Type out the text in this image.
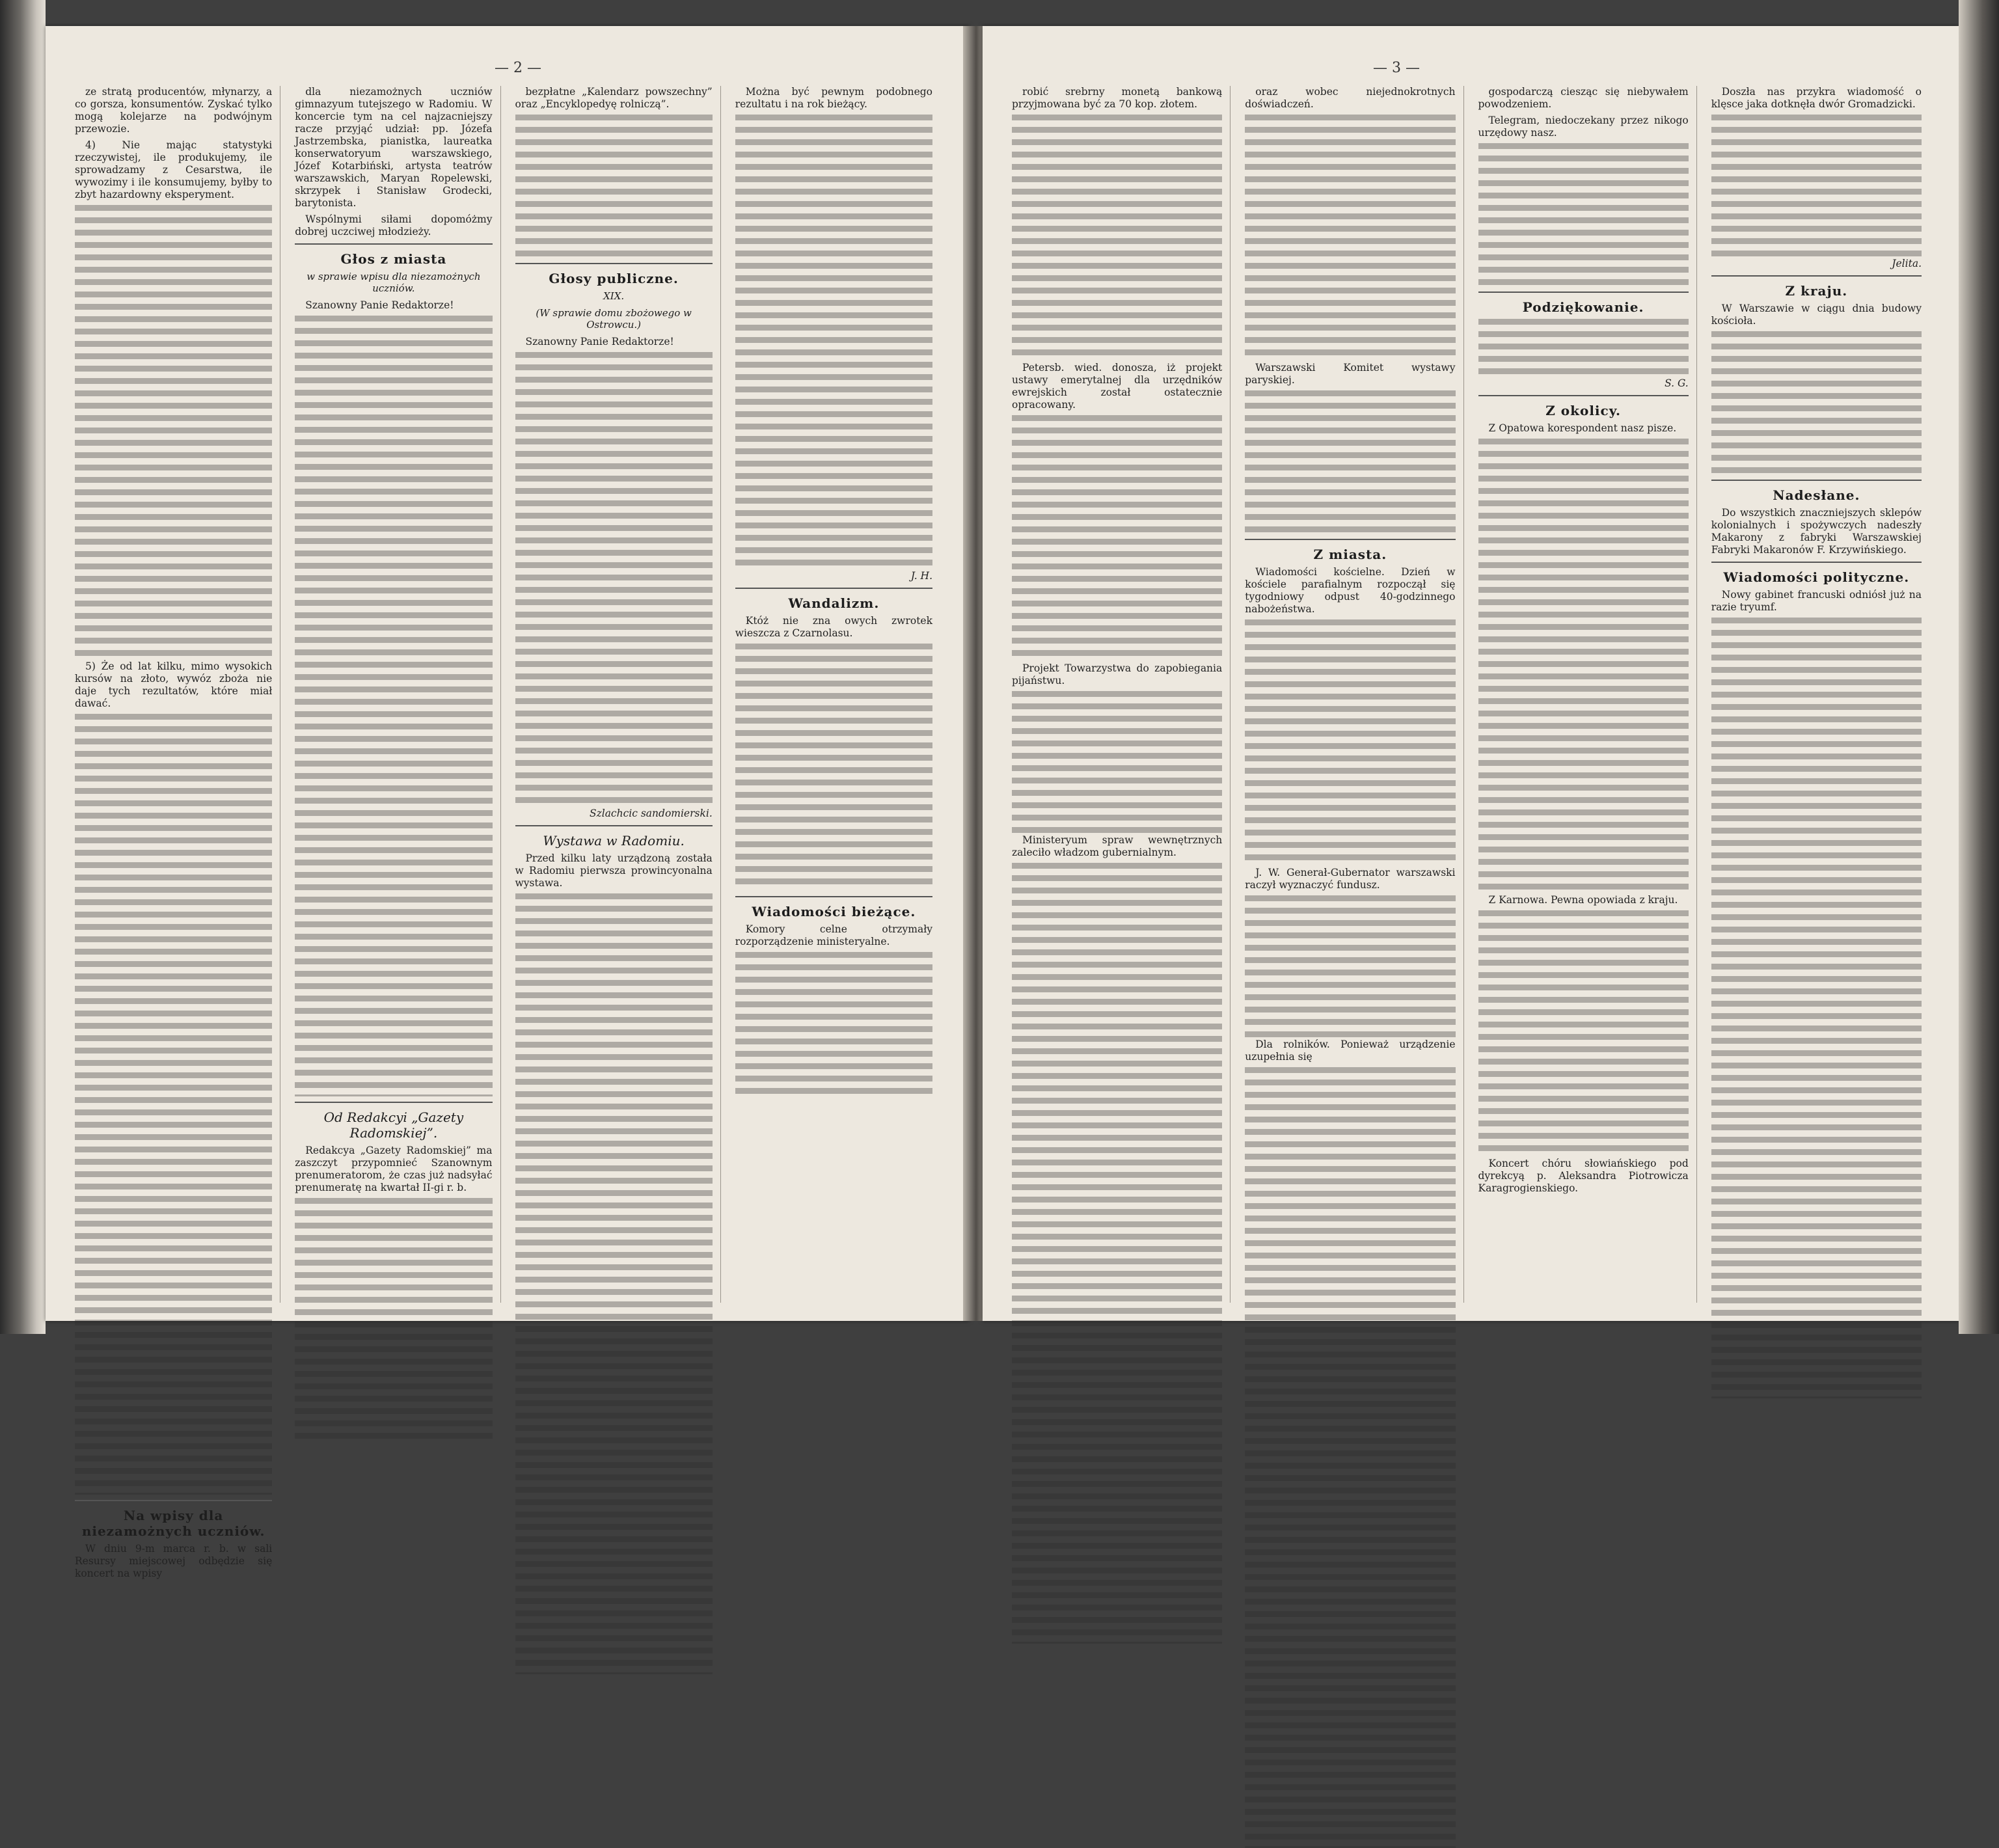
— 2 —

ze stratą producentów, młynarzy, a co gorsza, konsumentów. Zyskać tylko mogą kolejarze na podwójnym przewozie.

4) Nie mając statystyki rzeczywistej, ile produkujemy, ile sprowadzamy z Cesarstwa, ile wywozimy i ile konsumujemy, byłby to zbyt hazardowny eksperyment.

5) Że od lat kilku, mimo wysokich kursów na złoto, wywóz zboża nie daje tych rezultatów, które miał dawać.

Na wpisy dla niezamożnych uczniów.

W dniu 9-m marca r. b. w sali Resursy miejscowej odbędzie się koncert na wpisy

dla niezamożnych uczniów gimnazyum tutejszego w Radomiu. W koncercie tym na cel najzacniejszy racze przyjąć udział: pp. Józefa Jastrzembska, pianistka, laureatka konserwatoryum warszawskiego, Józef Kotarbiński, artysta teatrów warszawskich, Maryan Ropelewski, skrzypek i Stanisław Grodecki, barytonista.

Wspólnymi siłami dopomóżmy dobrej uczciwej młodzieży.

Głos z miasta
w sprawie wpisu dla niezamożnych uczniów.

Szanowny Panie Redaktorze!

Od Redakcyi „Gazety Radomskiej”.

Redakcya „Gazety Radomskiej” ma zaszczyt przypomnieć Szanownym prenumeratorom, że czas już nadsyłać prenumeratę na kwartał II-gi r. b.

bezpłatne „Kalendarz powszechny” oraz „Encyklopedyę rolniczą”.

Głosy publiczne.
XIX.
(W sprawie domu zbożowego w Ostrowcu.)

Szanowny Panie Redaktorze!

Szlachcic sandomierski.

Wystawa w Radomiu.

Przed kilku laty urządzoną została w Radomiu pierwsza prowincyonalna wystawa.

Można być pewnym podobnego rezultatu i na rok bieżący.

J. H.

Wandalizm.

Któż nie zna owych zwrotek wieszcza z Czarnolasu.

Wiadomości bieżące.

Komory celne otrzymały rozporządzenie ministeryalne.

— 3 —

robić srebrny monetą bankową przyjmowana być za 70 kop. złotem.

Petersb. wied. donosza, iż projekt ustawy emerytalnej dla urzędników ewrejskich został ostatecznie opracowany.

Projekt Towarzystwa do zapobiegania pijaństwu.

Ministeryum spraw wewnętrznych zaleciło władzom gubernialnym.

oraz wobec niejednokrotnych doświadczeń.

Warszawski Komitet wystawy paryskiej.

Z miasta.

Wiadomości kościelne. Dzień w kościele parafialnym rozpoczął się tygodniowy odpust 40-godzinnego nabożeństwa.

J. W. Generał-Gubernator warszawski raczył wyznaczyć fundusz.

Dla rolników. Ponieważ urządzenie uzupełnia się

gospodarczą ciesząc się niebywałem powodzeniem.

Telegram, niedoczekany przez nikogo urzędowy nasz.

Podziękowanie.

S. G.

Z okolicy.

Z Opatowa korespondent nasz pisze.

Z Karnowa. Pewna opowiada z kraju.

Koncert chóru słowiańskiego pod dyrekcyą p. Aleksandra Piotrowicza Karagrogienskiego.

Doszła nas przykra wiadomość o klęsce jaka dotknęła dwór Gromadzicki.

Jelita.

Z kraju.

W Warszawie w ciągu dnia budowy kościoła.

Nadesłane.

Do wszystkich znaczniejszych sklepów kolonialnych i spożywczych nadeszły Makarony z fabryki Warszawskiej Fabryki Makaronów F. Krzywińskiego.

Wiadomości polityczne.

Nowy gabinet francuski odniósł już na razie tryumf.
